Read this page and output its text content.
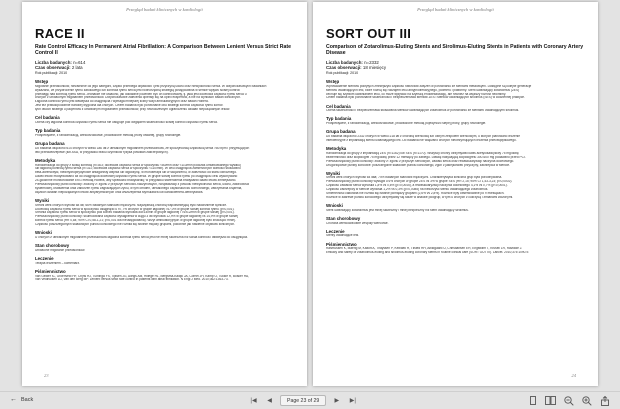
Przegląd badań klinicznych w kardiologii
RACE II
Rate Control Efficacy In Permanent Atrial Fibrillation: A Comparison Between Lenient Versus Strict Rate Control II
Liczba badanych: n=614
Czas obserwacji: 2 lata
Rok publikacji: 2010
Wstęp
Migotanie przedsionków, niezależnie od jego kategorii, często przebiega objawowo i jest przyczyną udaru oraz niewydolności serca. W dotychczasowych badaniach
wykazano, że przywrócenie rytmu zatokowego lub kontrola rytmu serca jest równorzędną strategią postępowania w sensie wpływu ścisłej kontroli
przewagę nad kontrolą rytmu serca. Jednakże nie ustalono, jak dokładnie powinien być on kontrolowany, tj. jaka jest docelowa częstość rytmu serca u
chorych z utrwalonym migotaniem przedsionków. Dotychczasowe zalecenia opierały się na opinii ekspertów, a nie na wynikach badań klinicznych.
Łagodna kontrola rytmu jest łatwiejsza do osiągnięcia i wymaga mniejszej liczby wizyt ambulatoryjnych oraz badań Holtera.
Jest też prawdopodobnie bardziej wygodna dla chorych. Celem badania było porównanie obu strategii kontroli częstości rytmu komór.
tych dwóch strategii u pacjentów z utrwalonym migotaniem przedsionków, przy równoczesnym ograniczeniu działań niepożądanych leków.
Cel badania
Ocena czy łagodna kontrola częstości rytmu serca nie ustępuje pod względem skuteczności ścisłej kontroli częstości rytmu serca.
Typ badania
Prospektywne, z randomizacją, wieloośrodkowe, prowadzone metodą próby otwartej, grupy równoległe.
Grupa badana
Do badania włączono 614 chorych w wieku ≤80 lat z utrwalonym migotaniem przedsionków, ze spoczynkową częstością serca >80 bpm i przyjmujących
leki przeciwkrzepliwe (lub ASA, w przypadku braku czynników ryzyka powikłań zakrzepowych).
Metodyka
Randomizacja do grupy z ścisłą kontrolą (n=303; docelowa częstość serca w spoczynku <80/min oraz <110/min podczas umiarkowanego wysiłku)
lub łagodną kontrolą rytmu serca (n=311; docelowa częstość serca w spoczynku <110/min). W celu osiągnięcia zamierzonych wartości stosowano
beta-adrenolityki, niedihydropirydynowe antagonisty wapnia lub digoksynę, w monoterapii lub w skojarzeniu, w zależności od stanu klinicznego.
Dawki leków modyfikowano aż do osiągnięcia docelowej częstości rytmu serca. W grupie ścisłej kontroli rytmu po osiągnięciu celu wykonywano
24-godzinne monitorowanie EKG metodą Holtera, aby sprawdzić bradykardię; w przypadku stwierdzenia bradykardii dawki leków zmniejszano.
Pierwszorzędowy punkt końcowy: złożony z: zgonu z przyczyn sercowo-naczyniowych, hospitalizacji z powodu niewydolności serca, udaru, zatorowości
systemowej, krwawienia oraz zaburzeń rytmu zagrażających życiu, w tym omdleń, utrwalonego częstoskurczu komorowego, zatrzymania krążenia,
ciężkich działań niepożądanych leków antyarytmicznych oraz wszczepienia stymulatora lub kardiowertera-defibrylatora.
Wyniki
Średni wiek chorych wynosił 68 lat; 66% badanych stanowili mężczyźni. Najczęstszą chorobą współistniejącą było nadciśnienie tętnicze.
Docelową częstość rytmu serca w spoczynku osiągnięto u 97,7% chorych w grupie łagodnej i 67,0% w grupie ścisłej kontroli rytmu (p<0,001).
Średnia częstość rytmu serca w spoczynku pod koniec badania wynosiła 85±14/min w grupie łagodnej i 76±12/min w grupie ścisłej (p<0,001).
Pierwszorzędowy punkt końcowy: skumulowana częstość wystąpienia w ciągu 3 lat wynosiła 12,9% w grupie łagodnej vs 14,9% w grupie ścisłej
kontroli rytmu serca (HR 0,84; 90% CI 0,58-1,21; p<0,001 dla nieustępowania). Wizyt ambulatoryjnych w grupie łagodnej było znacząco mniej.
Częstość poszczególnych składowych punktu końcowego nie różniła się istotnie między grupami, podobnie jak nasilenie objawów klinicznych.
Wnioski
U chorych z utrwalonym migotaniem przedsionków łagodna kontrola rytmu serca jest nie mniej skuteczna niż ścisła kontrola i łatwiejsza do osiągnięcia.
Stan chorobowy
Utrwalone migotanie przedsionków.
Leczenie
Terapia leczeniem – komentarz.
Piśmiennictwo
Van Gelder IC, Groenveld HF, Crijns HJ, Tuininga YS, Tijssen JG, Alings AM, Hillege HL, Bergsma-Kadijk JA, Cornel JH, Kamp O, Tukkie R, Bosker HA,
Van Veldhuisen DJ, Van den Berg MP. Lenient versus strict rate control in patients with atrial fibrillation. N Engl J Med. 2010;362:1363-73.
23
Przegląd badań klinicznych w kardiologii
SORT OUT III
Comparison of Zotarolimus-Eluting Stents and Sirolimus-Eluting Stents in Patients with Coronary Artery Disease
Liczba badanych: n=2332
Czas obserwacji: 18 miesięcy
Rok publikacji: 2010
Wstęp
Wprowadzenie stentów pokrytych zmniejszyło częstość nawrotów zwężeń w porównaniu ze stentami metalowymi. Dostępne są kolejne generacje
stentów uwalniających leki, które różnią się rodzajem leku antyproliferacyjnego, polimeru i platformy. Stent uwalniający zotarolimus (ZES)
cechuje się szybkim uwalnianiem leku, co może wpływać na szybszą endotelializację, ale również na większy rozrost neointimy.
Celem badania było porównanie skuteczności i bezpieczeństwa stentów ZES i stentów uwalniających sirolimus (SES) w codziennej praktyce.
Cel badania
Ocena skuteczności i bezpieczeństwa stosowania stentów uwalniających zotarolimus w porównaniu ze stentami uwalniającymi sirolimus.
Typ badania
Prospektywne, z randomizacją, wieloośrodkowe, prowadzone metodą pojedynczo ślepej próby, grupy równoległe.
Grupa badana
Do badania włączono 2332 chorych w wieku ≥18 lat z chorobą wieńcową lub ostrym zespołem wieńcowym, u których planowano leczenie
interwencyjne z implantacją stentu uwalniającego lek. Do badania nie włączano chorych nieotrzymujących leczenia przeciwpłytkowego.
Metodyka
Randomizacja do grupy z implantacją ZES (n=1162) lub SES (n=1170). Wszyscy chorzy otrzymywali kwas acetylosalicylowy 75 mg/dobę
bezterminowo oraz klopidogrel 75 mg/dobę przez 12 miesięcy po zabiegu. Dawkę nasycającą klopidogrelu 300-600 mg podawano przed PCI.
Pierwszorzędowy punkt końcowy: złożony z: zgonu z przyczyn sercowych, zawału serca oraz rewaskularyzacji naczynia docelowego.
Drugorzędowe punkty końcowe: poszczególne składowe punktu końcowego, zgon z jakiejkolwiek przyczyny, zakrzepica w stencie.
Wyniki
Średni wiek chorych wynosił 64 lata; 74% badanych stanowili mężczyźni. Charakterystyka kliniczna grup była porównywalna.
Pierwszorzędowy punkt końcowy wystąpił u 6% chorych w grupie ZES vs 3% w grupie SES (HR 2,15; 95% CI 1,43-3,23; p=0,0002).
Częstość zawałów serca wynosiła 1,8% vs 0,6% (p=0,0045), a rewaskularyzacji naczynia docelowego 4,1% vs 0,7% (p<0,0001).
Częstość zakrzepicy w stencie wyniosła 1,2% vs 0,3% (p=0,0085) na niekorzyść stentu uwalniającego zotarolimus.
Śmiertelność całkowita nie różniła się istotnie pomiędzy grupami (2,6% vs 2,8%). Różnice były obserwowane po 9 miesiącach.
Różnice w zakresie punktu końcowego utrzymywały się także w analizie podgrup, w tym u chorych z cukrzycą i zmianami złożonymi.
Wnioski
Stent uwalniający zotarolimus jest mniej skuteczny i mniej bezpieczny niż stent uwalniający sirolimus.
Stan chorobowy
Choroba wieńcowa/ostre zespoły wieńcowe.
Leczenie
Stenty uwalniające leki.
Piśmiennictwo
Rasmussen K, Maeng M, Kaltoft A, Thayssen P, Kelbaek H, Tilsted HH, Abildgaard U, Christiansen EH, Engstrøm T, Krusell LR, Ravkilde J.
Efficacy and safety of zotarolimus-eluting and sirolimus-eluting coronary stents in routine clinical care (SORT OUT III). Lancet. 2010;375:1090-9.
24
← Back	|◀	◀	Page 23 of 29	▶	▶|
